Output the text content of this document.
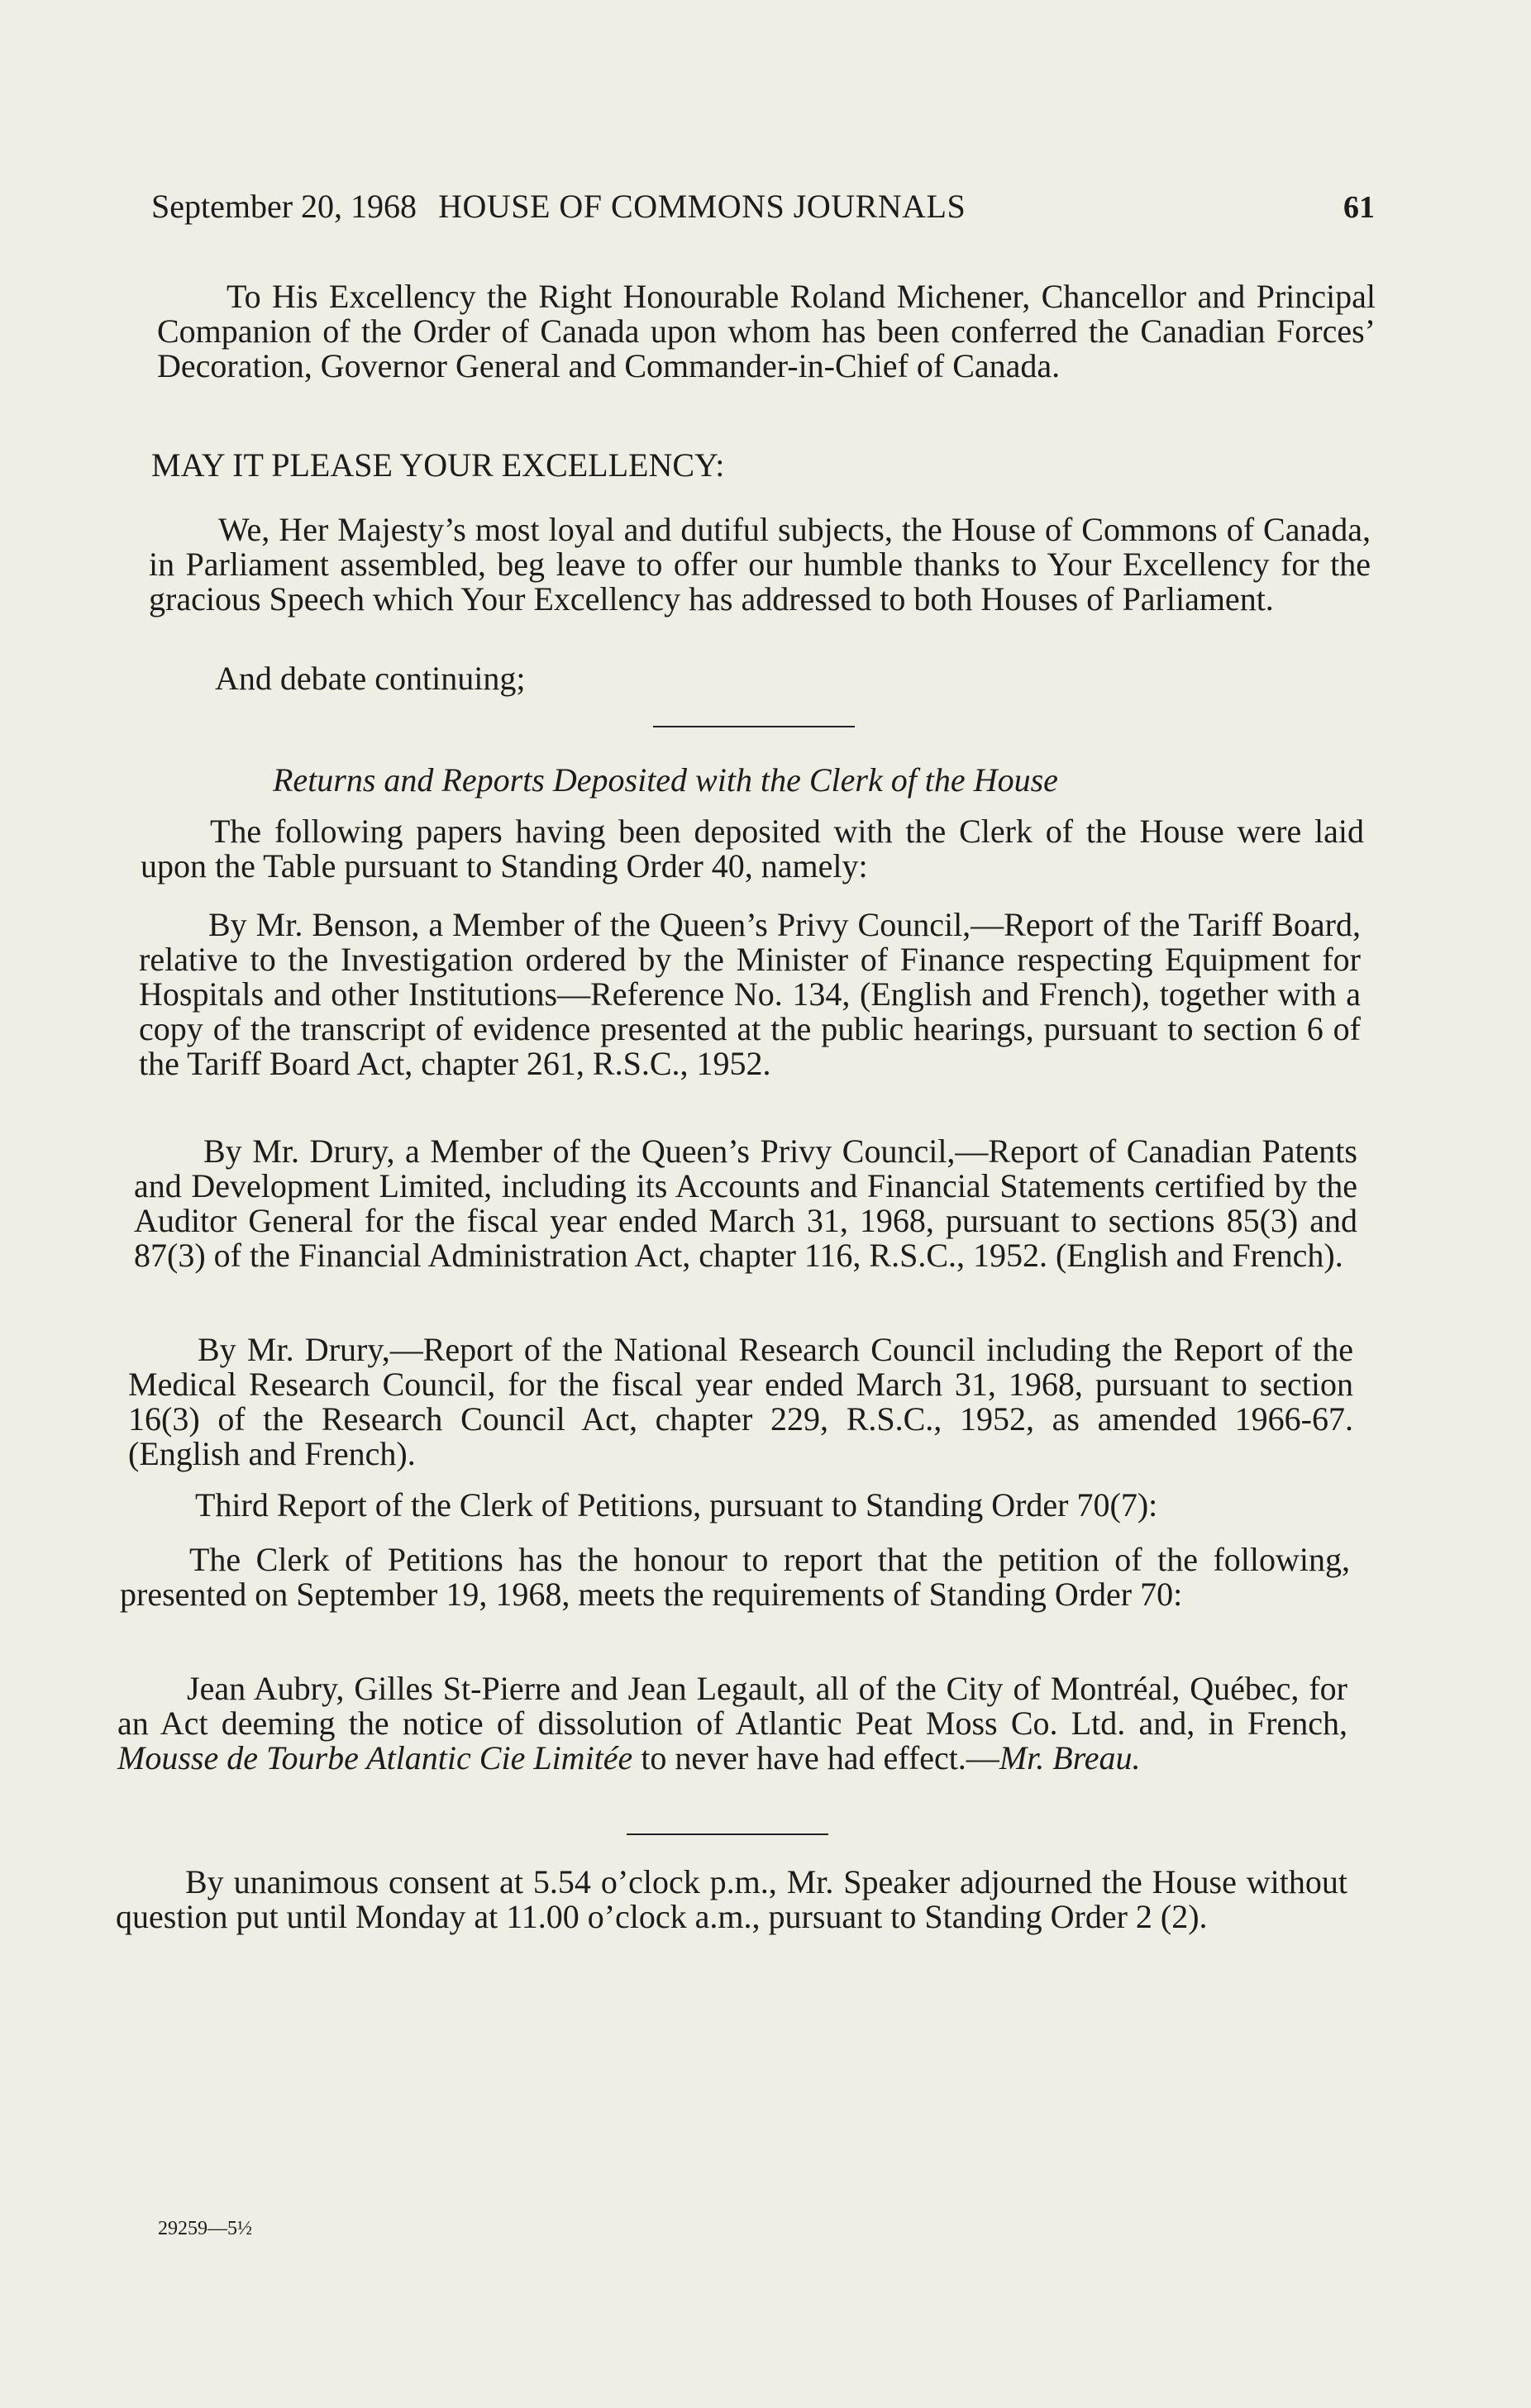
September 20, 1968 HOUSE OF COMMONS JOURNALS	61

To His Excellency the Right Honourable Roland Michener, Chancellor and Principal Companion of the Order of Canada upon whom has been conferred the Canadian Forces’ Decoration, Governor General and Commander-in-Chief of Canada.

MAY IT PLEASE YOUR EXCELLENCY:

We, Her Majesty’s most loyal and dutiful subjects, the House of Commons of Canada, in Parliament assembled, beg leave to offer our humble thanks to Your Excellency for the gracious Speech which Your Excellency has addressed to both Houses of Parliament.

And debate continuing;

Returns and Reports Deposited with the Clerk of the House

The following papers having been deposited with the Clerk of the House were laid upon the Table pursuant to Standing Order 40, namely:

By Mr. Benson, a Member of the Queen’s Privy Council,—Report of the Tariff Board, relative to the Investigation ordered by the Minister of Finance respecting Equipment for Hospitals and other Institutions—Reference No. 134, (English and French), together with a copy of the transcript of evidence presented at the public hearings, pursuant to section 6 of the Tariff Board Act, chapter 261, R.S.C., 1952.

By Mr. Drury, a Member of the Queen’s Privy Council,—Report of Canadian Patents and Development Limited, including its Accounts and Financial Statements certified by the Auditor General for the fiscal year ended March 31, 1968, pursuant to sections 85(3) and 87(3) of the Financial Administration Act, chapter 116, R.S.C., 1952. (English and French).

By Mr. Drury,—Report of the National Research Council including the Report of the Medical Research Council, for the fiscal year ended March 31, 1968, pursuant to section 16(3) of the Research Council Act, chapter 229, R.S.C., 1952, as amended 1966-67. (English and French).

Third Report of the Clerk of Petitions, pursuant to Standing Order 70(7):

The Clerk of Petitions has the honour to report that the petition of the following, presented on September 19, 1968, meets the requirements of Standing Order 70:

Jean Aubry, Gilles St-Pierre and Jean Legault, all of the City of Montréal, Québec, for an Act deeming the notice of dissolution of Atlantic Peat Moss Co. Ltd. and, in French, Mousse de Tourbe Atlantic Cie Limitée to never have had effect.—Mr. Breau.

By unanimous consent at 5.54 o’clock p.m., Mr. Speaker adjourned the House without question put until Monday at 11.00 o’clock a.m., pursuant to Standing Order 2 (2).

29259—5½
